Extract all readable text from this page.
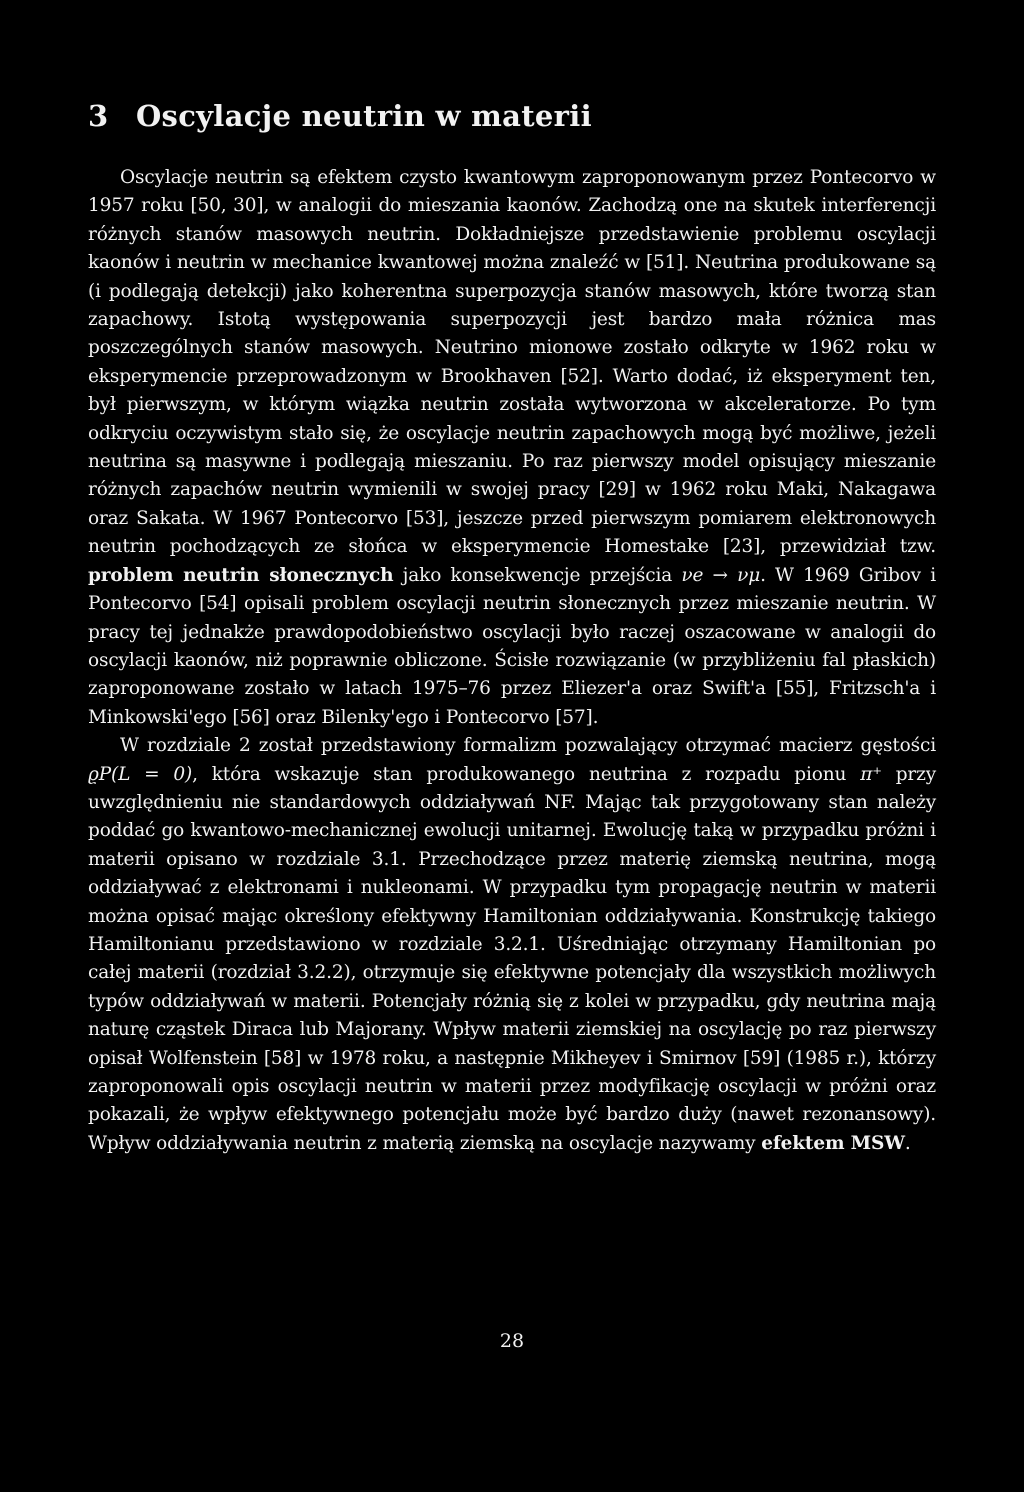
3 Oscylacje neutrin w materii

Oscylacje neutrin są efektem czysto kwantowym zaproponowanym przez Pontecorvo w 1957 roku [50, 30], w analogii do mieszania kaonów. Zachodzą one na skutek interferencji różnych stanów masowych neutrin. Dokładniejsze przedstawienie problemu oscylacji kaonów i neutrin w mechanice kwantowej można znaleźć w [51]. Neutrina produkowane są (i podlegają detekcji) jako koherentna superpozycja stanów masowych, które tworzą stan zapachowy. Istotą występowania superpozycji jest bardzo mała różnica mas poszczególnych stanów masowych. Neutrino mionowe zostało odkryte w 1962 roku w eksperymencie przeprowadzonym w Brookhaven [52]. Warto dodać, iż eksperyment ten, był pierwszym, w którym wiązka neutrin została wytworzona w akceleratorze. Po tym odkryciu oczywistym stało się, że oscylacje neutrin zapachowych mogą być możliwe, jeżeli neutrina są masywne i podlegają mieszaniu. Po raz pierwszy model opisujący mieszanie różnych zapachów neutrin wymienili w swojej pracy [29] w 1962 roku Maki, Nakagawa oraz Sakata. W 1967 Pontecorvo [53], jeszcze przed pierwszym pomiarem elektronowych neutrin pochodzących ze słońca w eksperymencie Homestake [23], przewidział tzw. problem neutrin słonecznych jako konsekwencje przejścia νe → νμ. W 1969 Gribov i Pontecorvo [54] opisali problem oscylacji neutrin słonecznych przez mieszanie neutrin. W pracy tej jednakże prawdopodobieństwo oscylacji było raczej oszacowane w analogii do oscylacji kaonów, niż poprawnie obliczone. Ścisłe rozwiązanie (w przybliżeniu fal płaskich) zaproponowane zostało w latach 1975–76 przez Eliezer'a oraz Swift'a [55], Fritzsch'a i Minkowski'ego [56] oraz Bilenky'ego i Pontecorvo [57].

W rozdziale 2 został przedstawiony formalizm pozwalający otrzymać macierz gęstości ϱP(L = 0), która wskazuje stan produkowanego neutrina z rozpadu pionu π⁺ przy uwzględnieniu nie standardowych oddziaływań NF. Mając tak przygotowany stan należy poddać go kwantowo-mechanicznej ewolucji unitarnej. Ewolucję taką w przypadku próżni i materii opisano w rozdziale 3.1. Przechodzące przez materię ziemską neutrina, mogą oddziaływać z elektronami i nukleonami. W przypadku tym propagację neutrin w materii można opisać mając określony efektywny Hamiltonian oddziaływania. Konstrukcję takiego Hamiltonianu przedstawiono w rozdziale 3.2.1. Uśredniając otrzymany Hamiltonian po całej materii (rozdział 3.2.2), otrzymuje się efektywne potencjały dla wszystkich możliwych typów oddziaływań w materii. Potencjały różnią się z kolei w przypadku, gdy neutrina mają naturę cząstek Diraca lub Majorany. Wpływ materii ziemskiej na oscylację po raz pierwszy opisał Wolfenstein [58] w 1978 roku, a następnie Mikheyev i Smirnov [59] (1985 r.), którzy zaproponowali opis oscylacji neutrin w materii przez modyfikację oscylacji w próżni oraz pokazali, że wpływ efektywnego potencjału może być bardzo duży (nawet rezonansowy). Wpływ oddziaływania neutrin z materią ziemską na oscylacje nazywamy efektem MSW.

28
